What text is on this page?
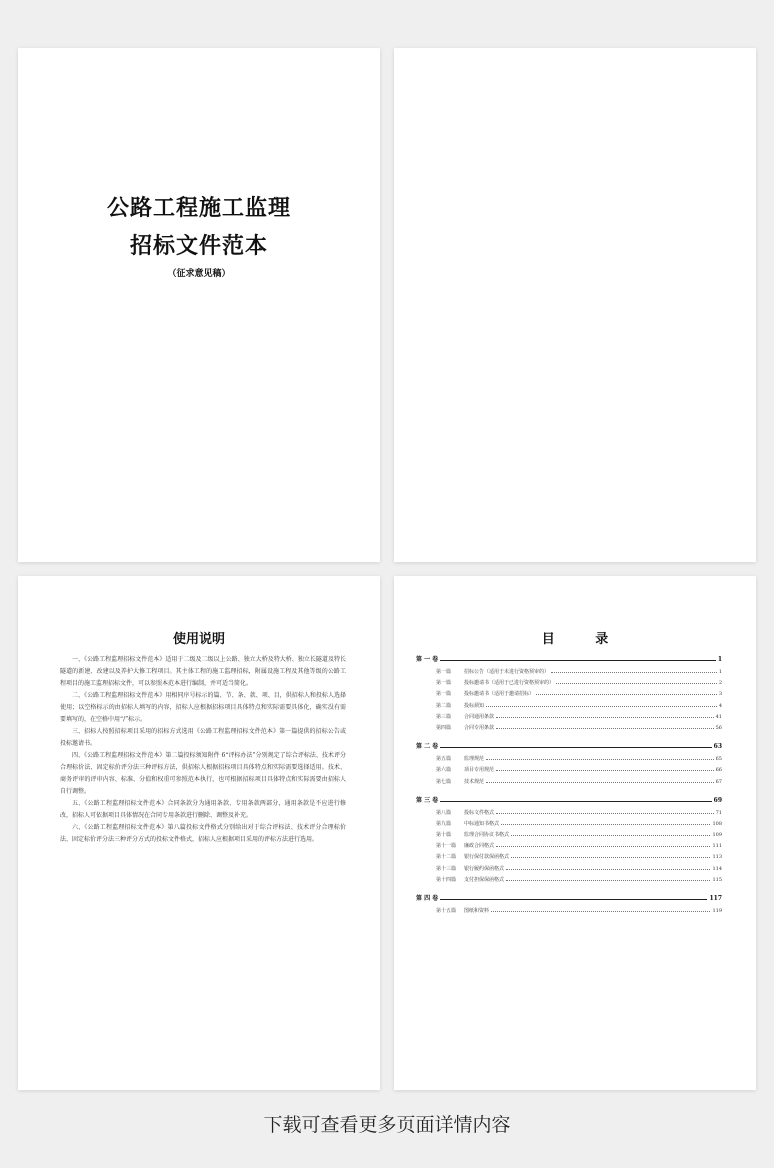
公路工程施工监理
招标文件范本
（征求意见稿）
使用说明

一、《公路工程监理招标文件范本》适用于二级及二级以上公路、独立大桥及特大桥、独立长隧道及特长隧道的新建、改建以及养护大修工程项目。其主体工程的施工监理招标，附属设施工程及其他等级的公路工程项目的施工监理招标文件，可以参照本范本进行编制，并可适当简化。

二、《公路工程监理招标文件范本》用相同序号标示的篇、节、条、款、项、目，供招标人和投标人选择使用；以空格标示的由招标人填写的内容，招标人应根据招标项目具体特点和实际需要具体化，确实没有需要填写的，在空格中用“/”标示。

三、招标人按照招标项目采用的招标方式选用《公路工程监理招标文件范本》第一篇提供的招标公告或投标邀请书。

四、《公路工程监理招标文件范本》第二篇投标须知附件 6“评标办法”分别规定了综合评标法、技术评分合理标价法、固定标价评分法三种评标方法，供招标人根据招标项目具体特点和实际需要选择适用。技术、商务评审的评审内容、标准、分值和权重可参照范本执行，也可根据招标项目具体特点和实际需要由招标人自行调整。

五、《公路工程监理招标文件范本》合同条款分为通用条款、专用条款两部分，通用条款是不应进行修改，招标人可依据项目具体情况在合同专用条款进行删除、调整及补充。

六、《公路工程监理招标文件范本》第八篇投标文件格式分别给出对于综合评标法、技术评分合理标价法、固定标价评分法三种评分方式的投标文件格式，招标人应根据项目采用的评标方法进行选用。

目 录
第 一 卷	1
第一篇	招标公告（适用于未进行资格预审的）	1
第一篇	投标邀请书（适用于已进行资格预审的）	2
第一篇	投标邀请书（适用于邀请招标）	3
第二篇	投标须知	4
第三篇	合同通用条款	41
第四篇	合同专用条款	56
第 二 卷	63
第五篇	监理规范	65
第六篇	项目专用规范	66
第七篇	技术规范	67
第 三 卷	69
第八篇	投标文件格式	71
第九篇	中标通知书格式	108
第十篇	监理合同协议书格式	109
第十一篇	廉政合同格式	111
第十二篇	银行保付款保函格式	113
第十三篇	银行履约保函格式	114
第十四篇	支付担保保函格式	115
第 四 卷	117
第十五篇	图纸和资料	119
下载可查看更多页面详情内容
